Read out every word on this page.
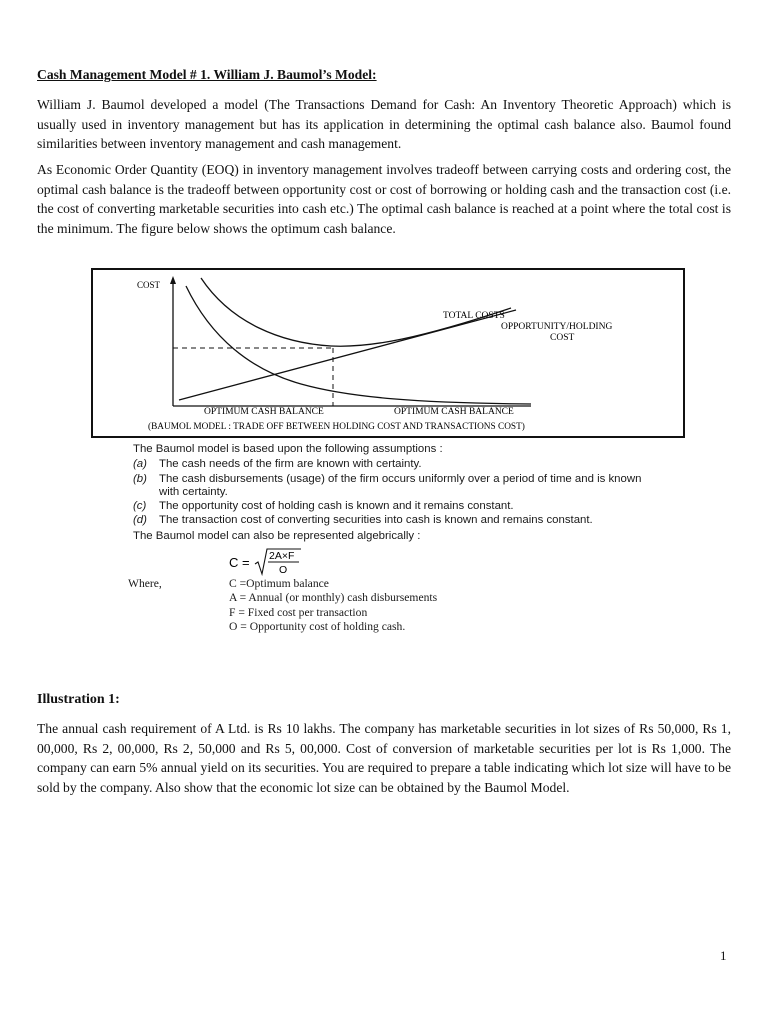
Cash Management Model # 1. William J. Baumol’s Model:

William J. Baumol developed a model (The Transactions Demand for Cash: An Inventory Theoretic Approach) which is usually used in inventory management but has its application in determining the optimal cash balance also. Baumol found similarities between inventory management and cash management.

As Economic Order Quantity (EOQ) in inventory management involves tradeoff between carrying costs and ordering cost, the optimal cash balance is the tradeoff between opportunity cost or cost of borrowing or holding cash and the transaction cost (i.e. the cost of converting marketable securities into cash etc.) The optimal cash balance is reached at a point where the total cost is the minimum. The figure below shows the optimum cash balance.

COST
TOTAL COSTS
OPPORTUNITY/HOLDING
COST
OPTIMUM CASH BALANCE	OPTIMUM CASH BALANCE
(BAUMOL MODEL : TRADE OFF BETWEEN HOLDING COST AND TRANSACTIONS COST)
The Baumol model is based upon the following assumptions :
(a) The cash needs of the firm are known with certainty.
(b) The cash disbursements (usage) of the firm occurs uniformly over a period of time and is known
with certainty.
(c) The opportunity cost of holding cash is known and it remains constant.
(d) The transaction cost of converting securities into cash is known and remains constant.
The Baumol model can also be represented algebrically :
C = 2A×F
O
Where,	C =Optimum balance
A = Annual (or monthly) cash disbursements
F = Fixed cost per transaction
O = Opportunity cost of holding cash.
Illustration 1:

The annual cash requirement of A Ltd. is Rs 10 lakhs. The company has marketable securities in lot sizes of Rs 50,000, Rs 1, 00,000, Rs 2, 00,000, Rs 2, 50,000 and Rs 5, 00,000. Cost of conversion of marketable securities per lot is Rs 1,000. The company can earn 5% annual yield on its securities. You are required to prepare a table indicating which lot size will have to be sold by the company. Also show that the economic lot size can be obtained by the Baumol Model.

1
